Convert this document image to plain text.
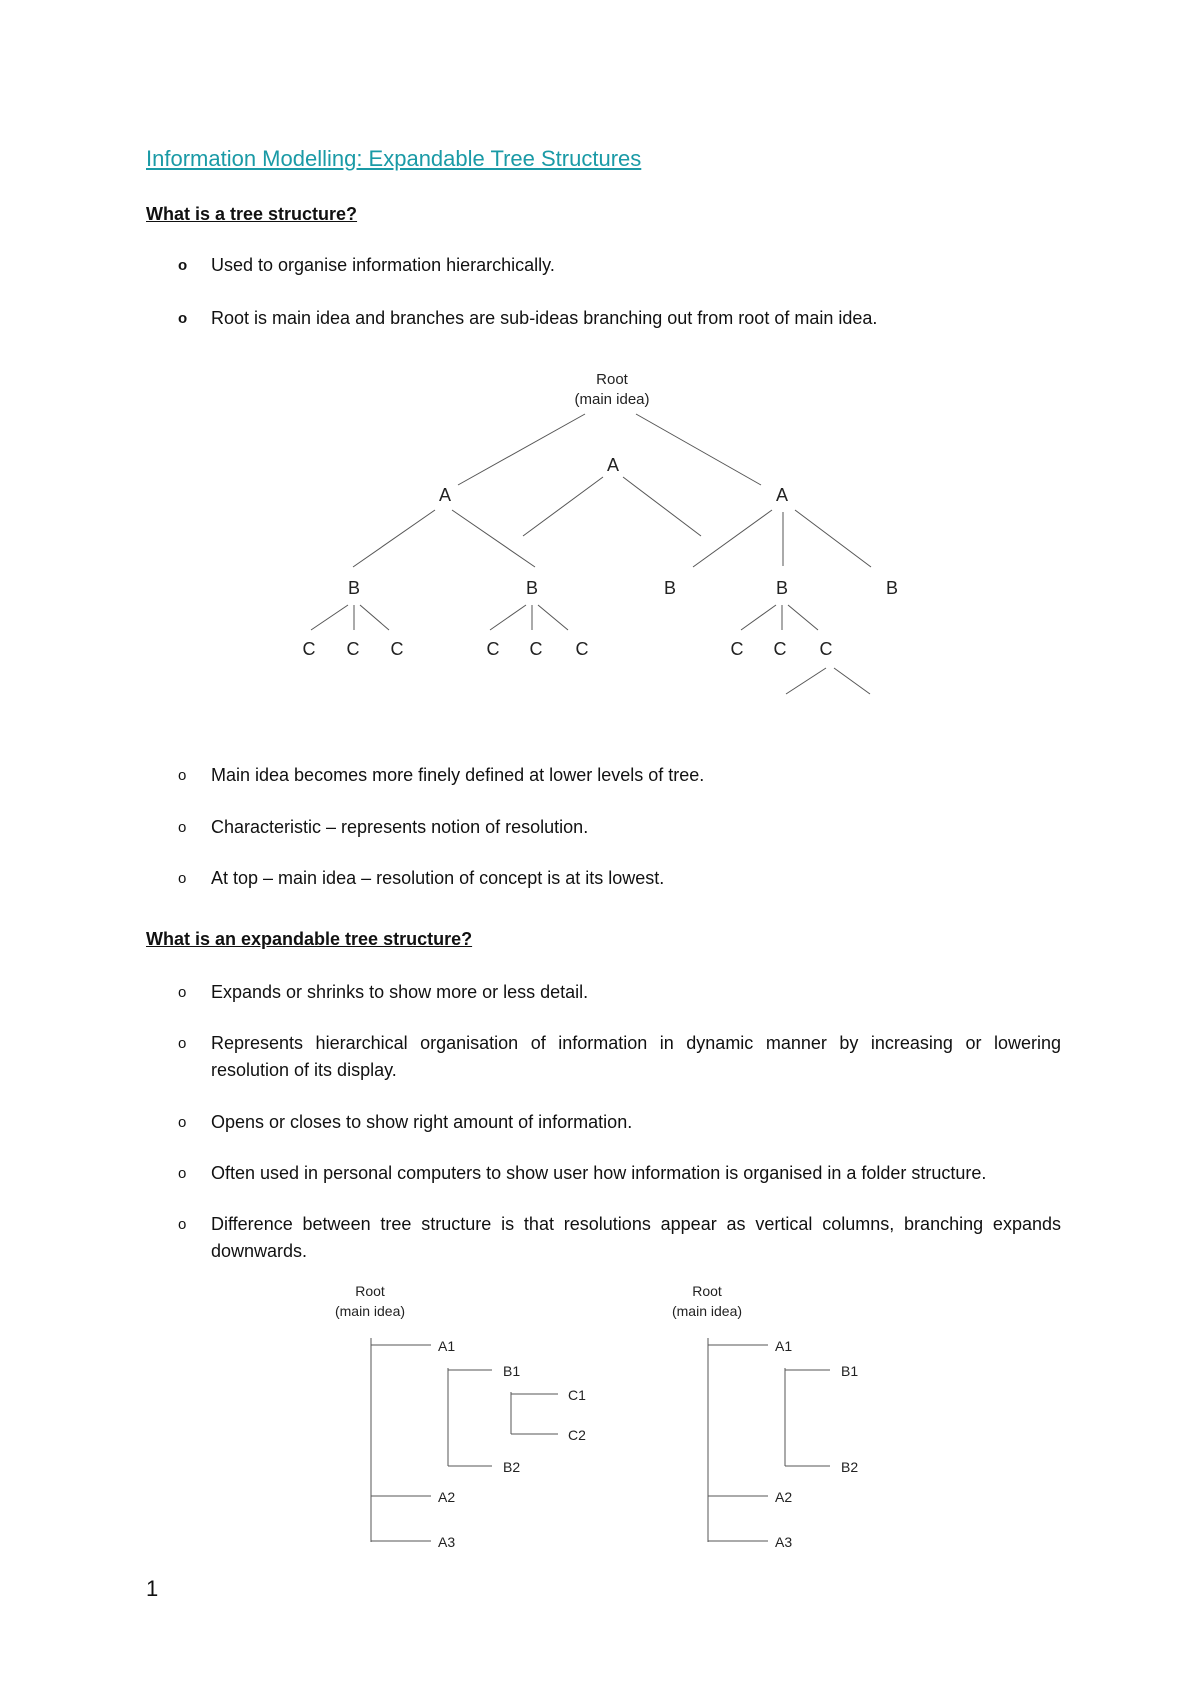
Information Modelling: Expandable Tree Structures
What is a tree structure?
o Used to organise information hierarchically.
o Root is main idea and branches are sub-ideas branching out from root of main idea.
Root
(main idea)
A
A
A
B	B	B	B	B
C C C	C C C	C C C
o Main idea becomes more finely defined at lower levels of tree.
o Characteristic – represents notion of resolution.
o At top – main idea – resolution of concept is at its lowest.
What is an expandable tree structure?
o Expands or shrinks to show more or less detail.
o Represents hierarchical organisation of information in dynamic manner by increasing or lowering resolution of its display.
o Opens or closes to show right amount of information.
o Often used in personal computers to show user how information is organised in a folder structure.
o Difference between tree structure is that resolutions appear as vertical columns, branching expands downwards.
Root
(main idea)
A1
B1
C1
C2
B2
A2
A3
Root
(main idea)
A1
B1
B2
A2
A3
1
